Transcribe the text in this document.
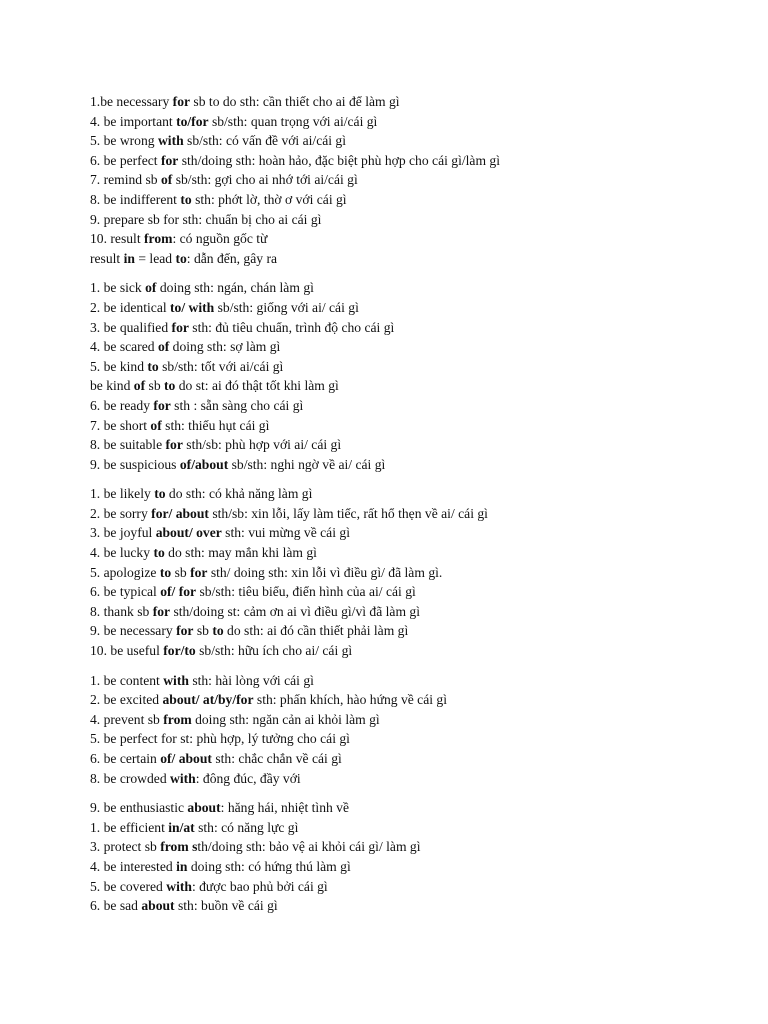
1.be necessary for sb to do sth: cần thiết cho ai để làm gì
4. be important to/for sb/sth: quan trọng với ai/cái gì
5. be wrong with sb/sth: có vấn đề với ai/cái gì
6. be perfect for sth/doing sth: hoàn hảo, đặc biệt phù hợp cho cái gì/làm gì
7. remind sb of sb/sth: gợi cho ai nhớ tới ai/cái gì
8. be indifferent to sth: phớt lờ, thờ ơ với cái gì
9. prepare sb for sth: chuẩn bị cho ai cái gì
10. result from: có nguồn gốc từ
result in = lead to: dẫn đến, gây ra
1. be sick of doing sth: ngán, chán làm gì
2. be identical to/ with sb/sth: giống với ai/ cái gì
3. be qualified for sth: đủ tiêu chuẩn, trình độ cho cái gì
4. be scared of doing sth: sợ làm gì
5. be kind to sb/sth: tốt với ai/cái gì
be kind of sb to do st: ai đó thật tốt khi làm gì
6. be ready for sth : sẵn sàng cho cái gì
7. be short of sth: thiếu hụt cái gì
8. be suitable for sth/sb: phù hợp với ai/ cái gì
9. be suspicious of/about sb/sth: nghi ngờ về ai/ cái gì
1. be likely to do sth: có khả năng làm gì
2. be sorry for/ about sth/sb: xin lỗi, lấy làm tiếc, rất hổ thẹn về ai/ cái gì
3. be joyful about/ over sth: vui mừng về cái gì
4. be lucky to do sth: may mắn khi làm gì
5. apologize to sb for sth/ doing sth: xin lỗi vì điều gì/ đã làm gì.
6. be typical of/ for sb/sth: tiêu biểu, điển hình của ai/ cái gì
8. thank sb for sth/doing st: cảm ơn ai vì điều gì/vì đã làm gì
9. be necessary for sb to do sth: ai đó cần thiết phải làm gì
10. be useful for/to sb/sth: hữu ích cho ai/ cái gì
1. be content with sth: hài lòng với cái gì
2. be excited about/ at/by/for sth: phấn khích, hào hứng về cái gì
4. prevent sb from doing sth: ngăn cản ai khỏi làm gì
5. be perfect for st: phù hợp, lý tưởng cho cái gì
6. be certain of/ about sth: chắc chắn về cái gì
8. be crowded with: đông đúc, đầy với
9. be enthusiastic about: hăng hái, nhiệt tình về
1. be efficient in/at sth: có năng lực gì
3. protect sb from sth/doing sth: bảo vệ ai khỏi cái gì/ làm gì
4. be interested in doing sth: có hứng thú làm gì
5. be covered with: được bao phủ bởi cái gì
6. be sad about sth: buồn về cái gì
